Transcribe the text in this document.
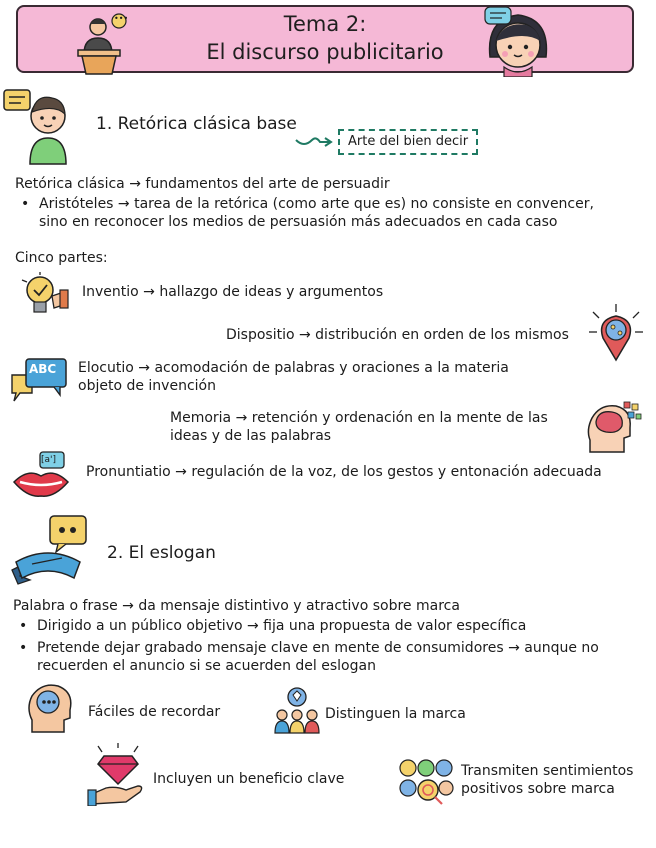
Tema 2:
El discurso publicitario
•••
1. Retórica clásica base
Arte del bien decir
Retórica clásica → fundamentos del arte de persuadir
• Aristóteles → tarea de la retórica (como arte que es) no consiste en convencer, sino en reconocer los medios de persuasión más adecuados en cada caso
Cinco partes:
Inventio → hallazgo de ideas y argumentos
Dispositio → distribución en orden de los mismos
ABC Elocutio → acomodación de palabras y oraciones a la materia objeto de invención
Memoria → retención y ordenación en la mente de las ideas y de las palabras
[a']
Pronuntiatio → regulación de la voz, de los gestos y entonación adecuada
2. El eslogan
Palabra o frase → da mensaje distintivo y atractivo sobre marca
• Dirigido a un público objetivo → fija una propuesta de valor específica
• Pretende dejar grabado mensaje clave en mente de consumidores → aunque no recuerden el anuncio si se acuerden del eslogan
Fáciles de recordar	Distinguen la marca
Incluyen un beneficio clave	Transmiten sentimientos positivos sobre marca
